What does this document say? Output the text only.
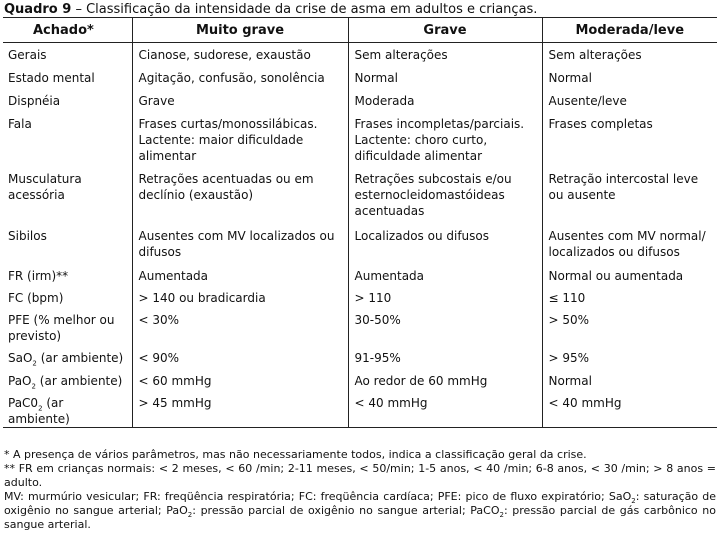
Quadro 9 – Classificação da intensidade da crise de asma em adultos e crianças.
Achado*	Muito grave	Grave	Moderada/leve
Gerais	Cianose, sudorese, exaustão	Sem alterações	Sem alterações
Estado mental	Agitação, confusão, sonolência	Normal	Normal
Dispnéia	Grave	Moderada	Ausente/leve
Fala	Frases curtas/monossilábicas. Lactente: maior dificuldade alimentar	Frases incompletas/parciais. Lactente: choro curto, dificuldade alimentar	Frases completas
Musculatura acessória	Retrações acentuadas ou em declínio (exaustão)	Retrações subcostais e/ou esternocleidomastóideas acentuadas	Retração intercostal leve ou ausente
Sibilos	Ausentes com MV localizados ou difusos	Localizados ou difusos	Ausentes com MV normal/ localizados ou difusos
FR (irm)**	Aumentada	Aumentada	Normal ou aumentada
FC (bpm)	> 140 ou bradicardia	> 110	≤ 110
PFE (% melhor ou previsto)	< 30%	30-50%	> 50%
SaO$_2$ (ar ambiente)	< 90%	91-95%	> 95%
PaO$_2$ (ar ambiente)	< 60 mmHg	Ao redor de 60 mmHg	Normal
$PaC0_2$ (ar ambiente)	> 45 mmHg	< 40 mmHg	< 40 mmHg

* A presença de vários parâmetros, mas não necessariamente todos, indica a classificação geral da crise.

** FR em crianças normais: < 2 meses, < 60 /min; 2-11 meses, < 50/min; 1-5 anos, < 40 /min; 6-8 anos, < 30 /min; > 8 anos = adulto.

MV: murmúrio vesicular; FR: freqüência respiratória; FC: freqüência cardíaca; PFE: pico de fluxo expiratório; SaO$_2$: saturação de oxigênio no sangue arterial; PaO$_2$: pressão parcial de oxigênio no sangue arterial; PaCO$_2$: pressão parcial de gás carbônico no sangue arterial.
